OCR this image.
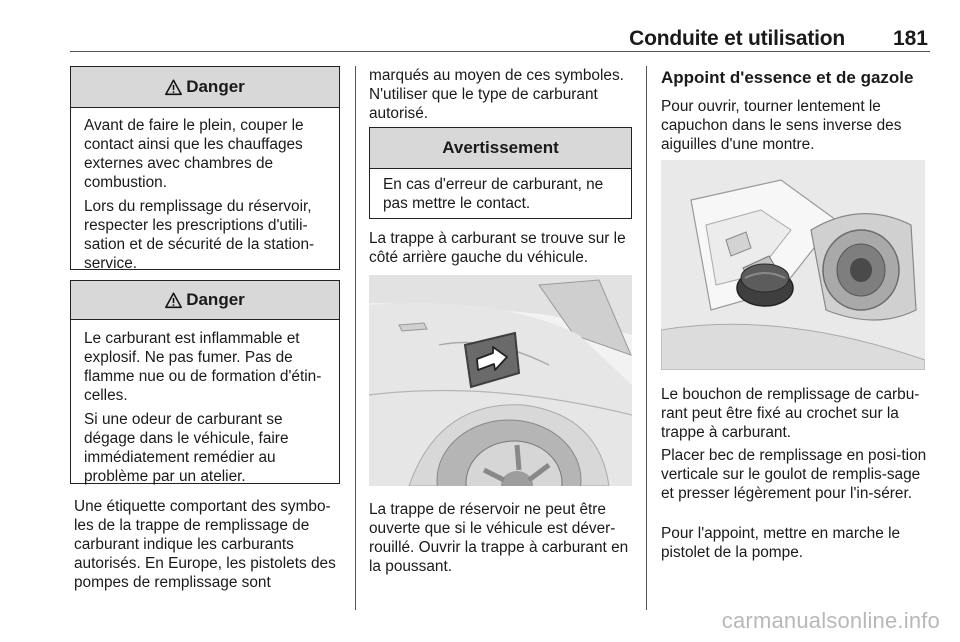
Conduite et utilisation	181
Danger

Avant de faire le plein, couper le contact ainsi que les chauffages externes avec chambres de combustion.

Lors du remplissage du réservoir, respecter les prescriptions d'utili-sation et de sécurité de la station-service.

Danger

Le carburant est inflammable et explosif. Ne pas fumer. Pas de flamme nue ou de formation d'étin-celles.

Si une odeur de carburant se dégage dans le véhicule, faire immédiatement remédier au problème par un atelier.

Une étiquette comportant des symbo-les de la trappe de remplissage de carburant indique les carburants autorisés. En Europe, les pistolets des pompes de remplissage sont
marqués au moyen de ces symboles. N'utiliser que le type de carburant autorisé.
Avertissement

En cas d'erreur de carburant, ne pas mettre le contact.

La trappe à carburant se trouve sur le côté arrière gauche du véhicule.
La trappe de réservoir ne peut être ouverte que si le véhicule est déver-rouillé. Ouvrir la trappe à carburant en la poussant.
Appoint d'essence et de gazole
Pour ouvrir, tourner lentement le capuchon dans le sens inverse des aiguilles d'une montre.
Le bouchon de remplissage de carbu-rant peut être fixé au crochet sur la trappe à carburant.
Placer bec de remplissage en posi-tion verticale sur le goulot de remplis-sage et presser légèrement pour l'in-sérer.
Pour l'appoint, mettre en marche le pistolet de la pompe.
carmanualsonline.info
